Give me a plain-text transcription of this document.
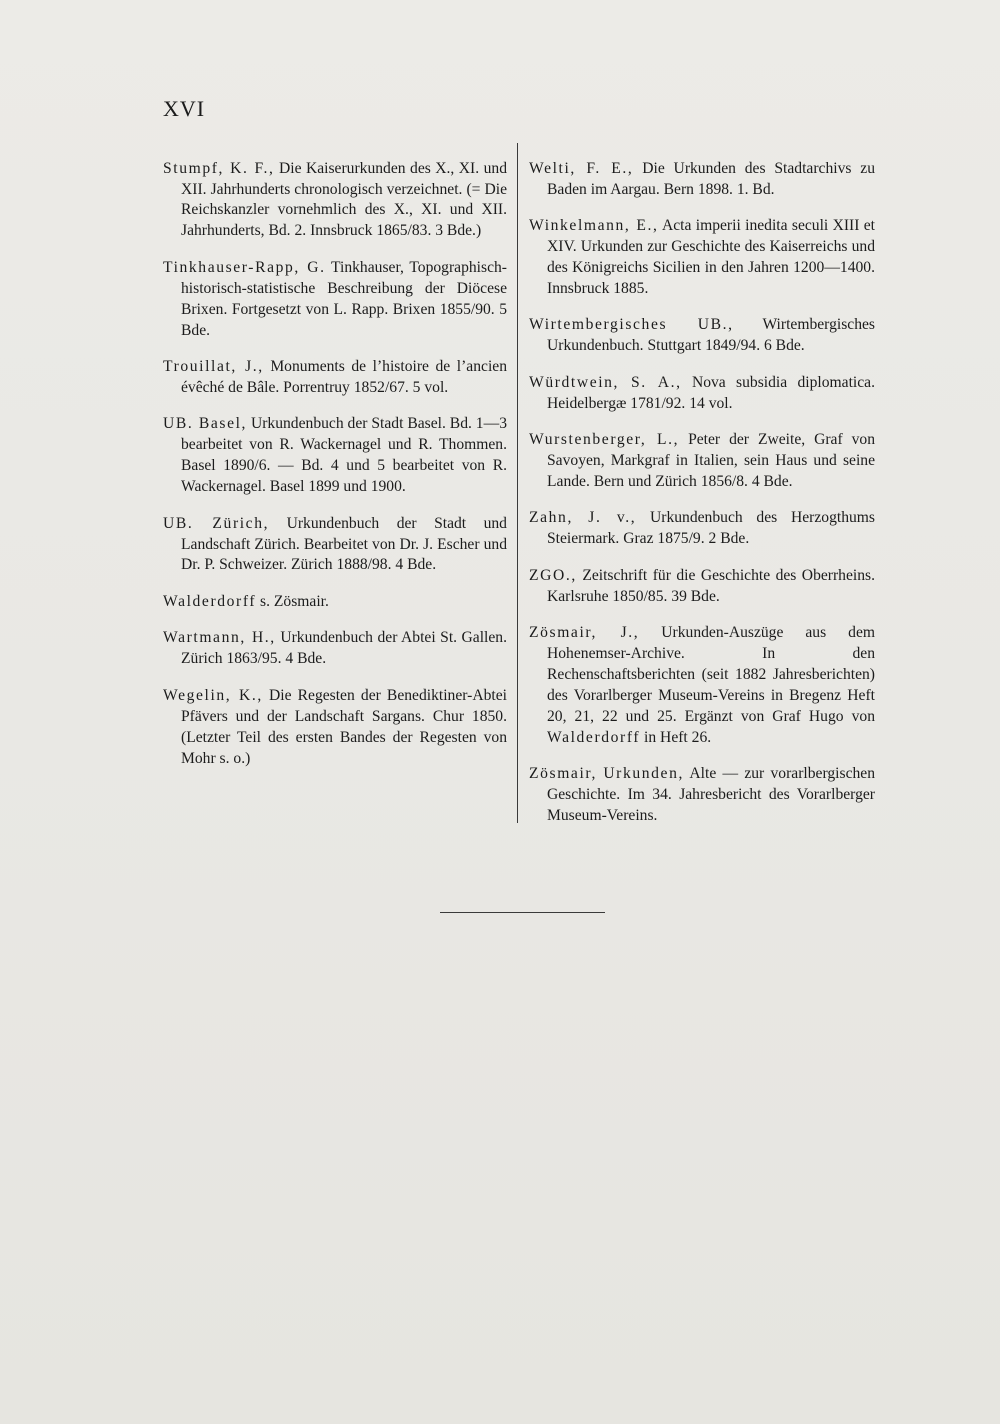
XVI

Stumpf, K. F., Die Kaiserurkunden des X., XI. und XII. Jahrhunderts chronologisch verzeichnet. (= Die Reichskanzler vornehmlich des X., XI. und XII. Jahrhunderts, Bd. 2. Innsbruck 1865/83. 3 Bde.)

Tinkhauser-Rapp, G. Tinkhauser, Topographisch-historisch-statistische Beschreibung der Diöcese Brixen. Fortgesetzt von L. Rapp. Brixen 1855/90. 5 Bde.

Trouillat, J., Monuments de l’histoire de l’ancien évêché de Bâle. Porrentruy 1852/67. 5 vol.

UB. Basel, Urkundenbuch der Stadt Basel. Bd. 1—3 bearbeitet von R. Wackernagel und R. Thommen. Basel 1890/6. — Bd. 4 und 5 bearbeitet von R. Wackernagel. Basel 1899 und 1900.

UB. Zürich, Urkundenbuch der Stadt und Landschaft Zürich. Bearbeitet von Dr. J. Escher und Dr. P. Schweizer. Zürich 1888/98. 4 Bde.

Walderdorff s. Zösmair.

Wartmann, H., Urkundenbuch der Abtei St. Gallen. Zürich 1863/95. 4 Bde.

Wegelin, K., Die Regesten der Benediktiner-Abtei Pfävers und der Landschaft Sargans. Chur 1850. (Letzter Teil des ersten Bandes der Regesten von Mohr s. o.)

Welti, F. E., Die Urkunden des Stadtarchivs zu Baden im Aargau. Bern 1898. 1. Bd.

Winkelmann, E., Acta imperii inedita seculi XIII et XIV. Urkunden zur Geschichte des Kaiserreichs und des Königreichs Sicilien in den Jahren 1200—1400. Innsbruck 1885.

Wirtembergisches UB., Wirtembergisches Urkundenbuch. Stuttgart 1849/94. 6 Bde.

Würdtwein, S. A., Nova subsidia diplomatica. Heidelbergæ 1781/92. 14 vol.

Wurstenberger, L., Peter der Zweite, Graf von Savoyen, Markgraf in Italien, sein Haus und seine Lande. Bern und Zürich 1856/8. 4 Bde.

Zahn, J. v., Urkundenbuch des Herzogthums Steiermark. Graz 1875/9. 2 Bde.

ZGO., Zeitschrift für die Geschichte des Oberrheins. Karlsruhe 1850/85. 39 Bde.

Zösmair, J., Urkunden-Auszüge aus dem Hohenemser-Archive. In den Rechenschaftsberichten (seit 1882 Jahresberichten) des Vorarlberger Museum-Vereins in Bregenz Heft 20, 21, 22 und 25. Ergänzt von Graf Hugo von Walderdorff in Heft 26.

Zösmair, Urkunden, Alte — zur vorarlbergischen Geschichte. Im 34. Jahresbericht des Vorarlberger Museum-Vereins.
